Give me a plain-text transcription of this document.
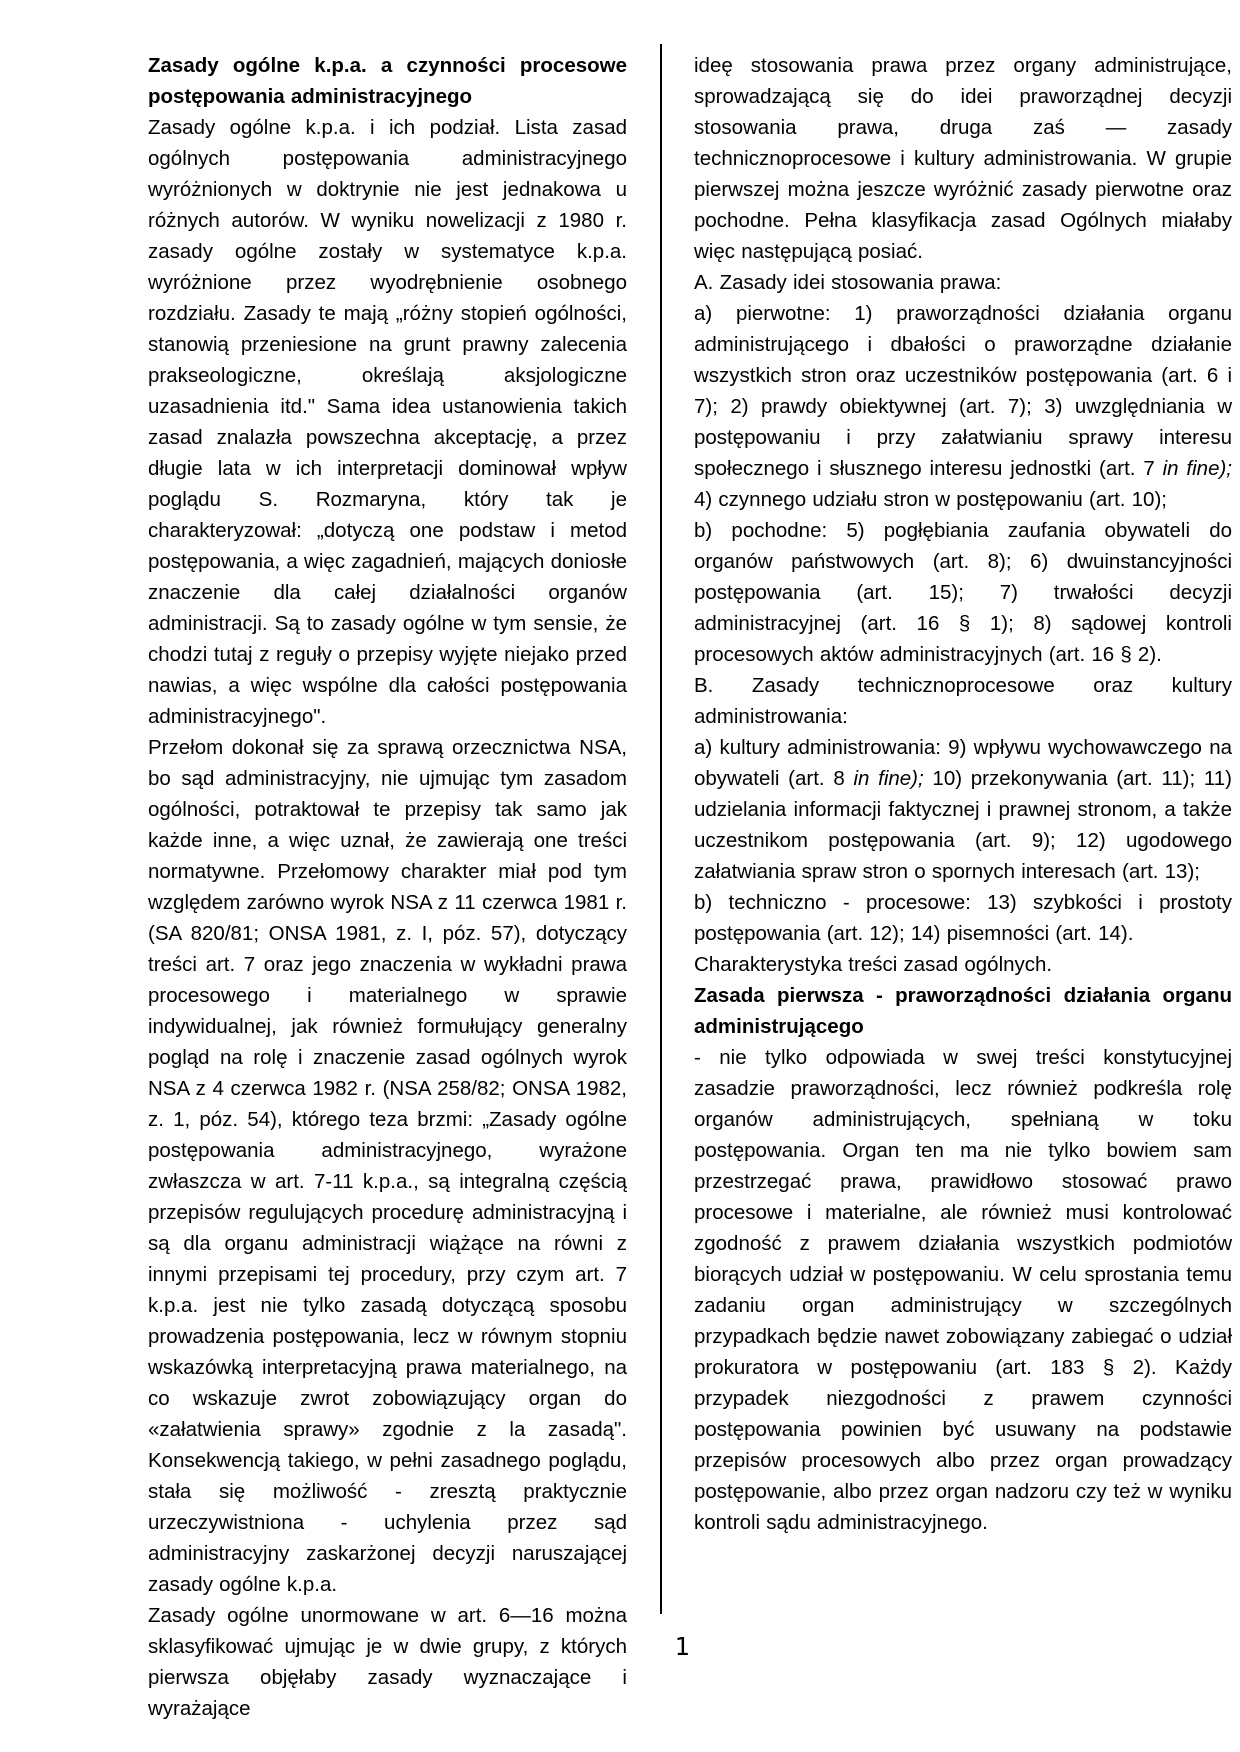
Zasady ogólne k.p.a. a czynności procesowe postępowania administracyjnego

Zasady ogólne k.p.a. i ich podział. Lista zasad ogólnych postępowania administracyjnego wyróżnionych w doktrynie nie jest jednakowa u różnych autorów. W wyniku nowelizacji z 1980 r. zasady ogólne zostały w systematyce k.p.a. wyróżnione przez wyodrębnienie osobnego rozdziału. Zasady te mają „różny stopień ogólności, stanowią przeniesione na grunt prawny zalecenia prakseologiczne, określają aksjologiczne uzasadnienia itd." Sama idea ustanowienia takich zasad znalazła powszechna akceptację, a przez długie lata w ich interpretacji dominował wpływ poglądu S. Rozmaryna, który tak je charakteryzował: „dotyczą one podstaw i metod postępowania, a więc zagadnień, mających doniosłe znaczenie dla całej działalności organów administracji. Są to zasady ogólne w tym sensie, że chodzi tutaj z reguły o przepisy wyjęte niejako przed nawias, a więc wspólne dla całości postępowania administracyjnego".

Przełom dokonał się za sprawą orzecznictwa NSA, bo sąd administracyjny, nie ujmując tym zasadom ogólności, potraktował te przepisy tak samo jak każde inne, a więc uznał, że zawierają one treści normatywne. Przełomowy charakter miał pod tym względem zarówno wyrok NSA z 11 czerwca 1981 r. (SA 820/81; ONSA 1981, z. I, póz. 57), dotyczący treści art. 7 oraz jego znaczenia w wykładni prawa procesowego i materialnego w sprawie indywidualnej, jak również formułujący generalny pogląd na rolę i znaczenie zasad ogólnych wyrok NSA z 4 czerwca 1982 r. (NSA 258/82; ONSA 1982, z. 1, póz. 54), którego teza brzmi: „Zasady ogólne postępowania administracyjnego, wyrażone zwłaszcza w art. 7-11 k.p.a., są integralną częścią przepisów regulujących procedurę administracyjną i są dla organu administracji wiążące na równi z innymi przepisami tej procedury, przy czym art. 7 k.p.a. jest nie tylko zasadą dotyczącą sposobu prowadzenia postępowania, lecz w równym stopniu wskazówką interpretacyjną prawa materialnego, na co wskazuje zwrot zobowiązujący organ do «załatwienia sprawy» zgodnie z la zasadą". Konsekwencją takiego, w pełni zasadnego poglądu, stała się możliwość - zresztą praktycznie urzeczywistniona - uchylenia przez sąd administracyjny zaskarżonej decyzji naruszającej zasady ogólne k.p.a.

Zasady ogólne unormowane w art. 6—16 można sklasyfikować ujmując je w dwie grupy, z których pierwsza objęłaby zasady wyznaczające i wyrażające

ideę stosowania prawa przez organy administrujące, sprowadzającą się do idei praworządnej decyzji stosowania prawa, druga zaś — zasady technicznoprocesowe i kultury administrowania. W grupie pierwszej można jeszcze wyróżnić zasady pierwotne oraz pochodne. Pełna klasyfikacja zasad Ogólnych miałaby więc następującą posiać.

A. Zasady idei stosowania prawa:

a) pierwotne: 1) praworządności działania organu administrującego i dbałości o praworządne działanie wszystkich stron oraz uczestników postępowania (art. 6 i 7); 2) prawdy obiektywnej (art. 7); 3) uwzględniania w postępowaniu i przy załatwianiu sprawy interesu społecznego i słusznego interesu jednostki (art. 7 in fine); 4) czynnego udziału stron w postępowaniu (art. 10);

b) pochodne: 5) pogłębiania zaufania obywateli do organów państwowych (art. 8); 6) dwuinstancyjności postępowania (art. 15); 7) trwałości decyzji administracyjnej (art. 16 § 1); 8) sądowej kontroli procesowych aktów administracyjnych (art. 16 § 2).

B. Zasady technicznoprocesowe oraz kultury administrowania:

a) kultury administrowania: 9) wpływu wychowawczego na obywateli (art. 8 in fine); 10) przekonywania (art. 11); 11) udzielania informacji faktycznej i prawnej stronom, a także uczestnikom postępowania (art. 9); 12) ugodowego załatwiania spraw stron o spornych interesach (art. 13);

b) techniczno - procesowe: 13) szybkości i prostoty postępowania (art. 12); 14) pisemności (art. 14).

Charakterystyka treści zasad ogólnych.

Zasada pierwsza - praworządności działania organu administrującego

- nie tylko odpowiada w swej treści konstytucyjnej zasadzie praworządności, lecz również podkreśla rolę organów administrujących, spełnianą w toku postępowania. Organ ten ma nie tylko bowiem sam przestrzegać prawa, prawidłowo stosować prawo procesowe i materialne, ale również musi kontrolować zgodność z prawem działania wszystkich podmiotów biorących udział w postępowaniu. W celu sprostania temu zadaniu organ administrujący w szczególnych przypadkach będzie nawet zobowiązany zabiegać o udział prokuratora w postępowaniu (art. 183 § 2). Każdy przypadek niezgodności z prawem czynności postępowania powinien być usuwany na podstawie przepisów procesowych albo przez organ prowadzący postępowanie, albo przez organ nadzoru czy też w wyniku kontroli sądu administracyjnego.

1
